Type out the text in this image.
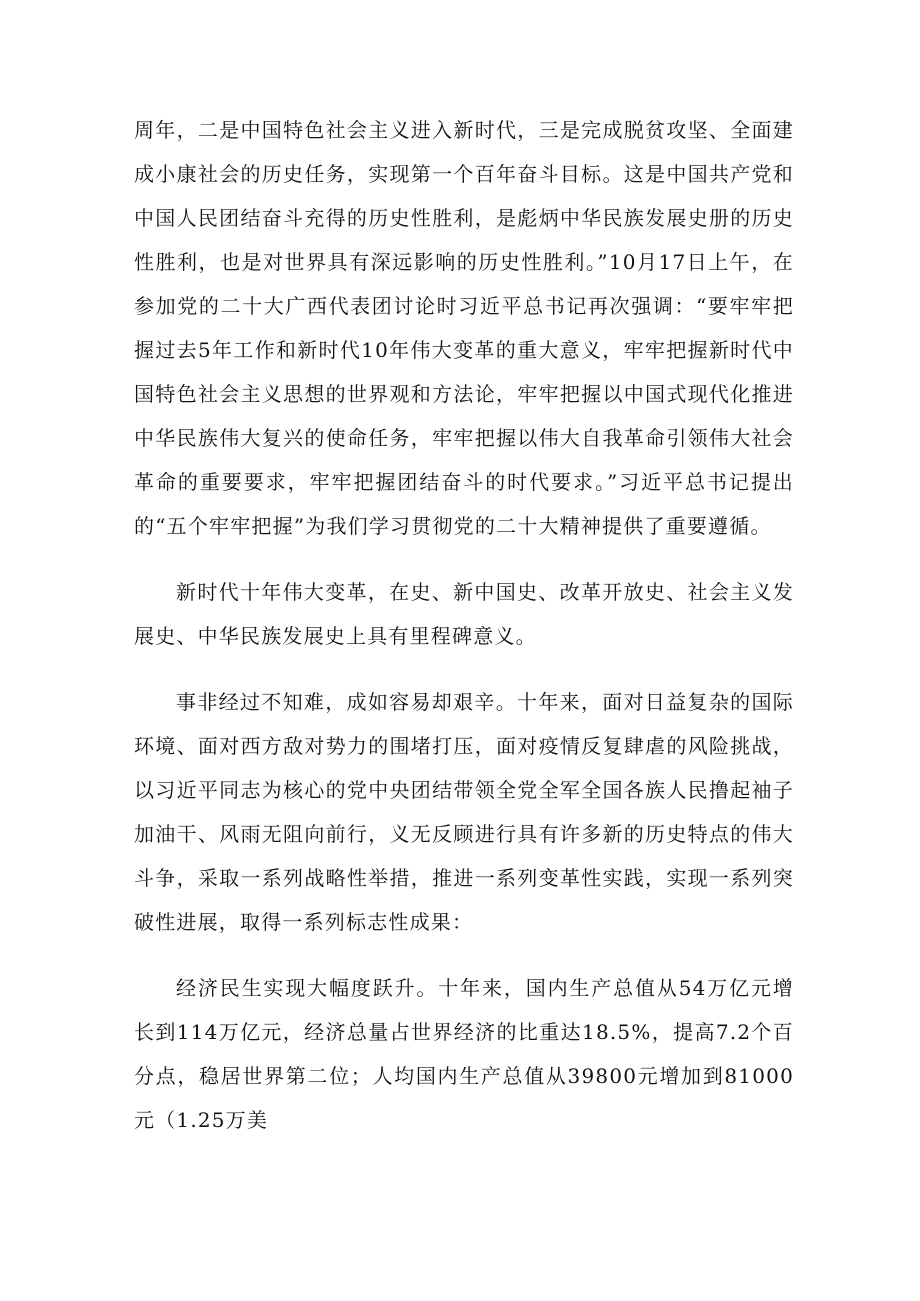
周年，二是中国特色社会主义进入新时代，三是完成脱贫攻坚、全面建成小康社会的历史任务，实现第一个百年奋斗目标。这是中国共产党和中国人民团结奋斗充得的历史性胜利，是彪炳中华民族发展史册的历史性胜利，也是对世界具有深远影响的历史性胜利。”10月17日上午，在参加党的二十大广西代表团讨论时习近平总书记再次强调：“要牢牢把握过去5年工作和新时代10年伟大变革的重大意义，牢牢把握新时代中国特色社会主义思想的世界观和方法论，牢牢把握以中国式现代化推进中华民族伟大复兴的使命任务，牢牢把握以伟大自我革命引领伟大社会革命的重要要求，牢牢把握团结奋斗的时代要求。”习近平总书记提出的“五个牢牢把握”为我们学习贯彻党的二十大精神提供了重要遵循。

新时代十年伟大变革，在史、新中国史、改革开放史、社会主义发展史、中华民族发展史上具有里程碑意义。

事非经过不知难，成如容易却艰辛。十年来，面对日益复杂的国际环境、面对西方敌对势力的围堵打压，面对疫情反复肆虐的风险挑战，以习近平同志为核心的党中央团结带领全党全军全国各族人民撸起袖子加油干、风雨无阻向前行，义无反顾进行具有许多新的历史特点的伟大斗争，采取一系列战略性举措，推进一系列变革性实践，实现一系列突破性进展，取得一系列标志性成果：

经济民生实现大幅度跃升。十年来，国内生产总值从54万亿元增长到114万亿元，经济总量占世界经济的比重达18.5%，提高7.2个百分点，稳居世界第二位；人均国内生产总值从39800元增加到81000元（1.25万美
